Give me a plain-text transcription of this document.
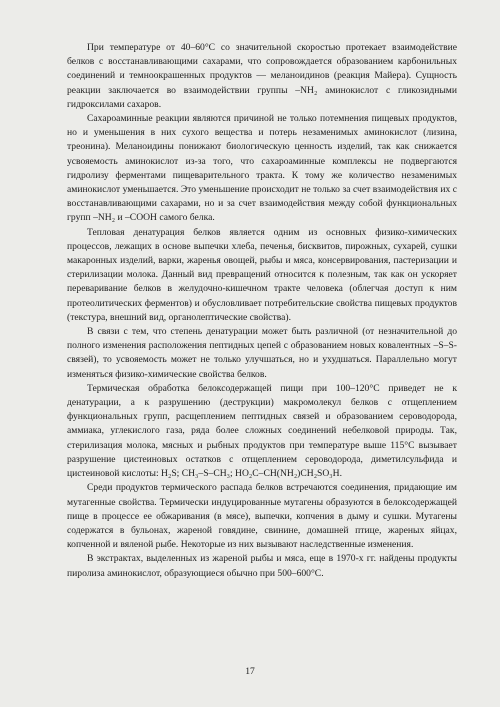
При температуре от 40–60°C со значительной скоростью протекает взаимодействие белков с восстанавливающими сахарами, что сопровождается образованием карбонильных соединений и темноокрашенных продуктов — меланоидинов (реакция Майера). Сущность реакции заключается во взаимодействии группы –NH₂ аминокислот с гликозидными гидроксилами сахаров.

Сахароаминные реакции являются причиной не только потемнения пищевых продуктов, но и уменьшения в них сухого вещества и потерь незаменимых аминокислот (лизина, треонина). Меланоидины понижают биологическую ценность изделий, так как снижается усвояемость аминокислот из-за того, что сахароаминные комплексы не подвергаются гидролизу ферментами пищеварительного тракта. К тому же количество незаменимых аминокислот уменьшается. Это уменьшение происходит не только за счет взаимодействия их с восстанавливающими сахарами, но и за счет взаимодействия между собой функциональных групп –NH₂ и –COOH самого белка.

Тепловая денатурация белков является одним из основных физико-химических процессов, лежащих в основе выпечки хлеба, печенья, бисквитов, пирожных, сухарей, сушки макаронных изделий, варки, жаренья овощей, рыбы и мяса, консервирования, пастеризации и стерилизации молока. Данный вид превращений относится к полезным, так как он ускоряет переваривание белков в желудочно-кишечном тракте человека (облегчая доступ к ним протеолитических ферментов) и обусловливает потребительские свойства пищевых продуктов (текстура, внешний вид, органолептические свойства).

В связи с тем, что степень денатурации может быть различной (от незначительной до полного изменения расположения пептидных цепей с образованием новых ковалентных –S–S-связей), то усвояемость может не только улучшаться, но и ухудшаться. Параллельно могут изменяться физико-химические свойства белков.

Термическая обработка белоксодержащей пищи при 100–120°C приведет не к денатурации, а к разрушению (деструкции) макромолекул белков с отщеплением функциональных групп, расщеплением пептидных связей и образованием сероводорода, аммиака, углекислого газа, ряда более сложных соединений небелковой природы. Так, стерилизация молока, мясных и рыбных продуктов при температуре выше 115°C вызывает разрушение цистеиновых остатков с отщеплением сероводорода, диметилсульфида и цистеиновой кислоты: H₂S; CH₃–S–CH₃; HO₂C–CH(NH₂)CH₂SO₃H.

Среди продуктов термического распада белков встречаются соединения, придающие им мутагенные свойства. Термически индуцированные мутагены образуются в белоксодержащей пище в процессе ее обжаривания (в мясе), выпечки, копчения в дыму и сушки. Мутагены содержатся в бульонах, жареной говядине, свинине, домашней птице, жареных яйцах, копченной и вяленой рыбе. Некоторые из них вызывают наследственные изменения.

В экстрактах, выделенных из жареной рыбы и мяса, еще в 1970-х гг. найдены продукты пиролиза аминокислот, образующиеся обычно при 500–600°C.

17
